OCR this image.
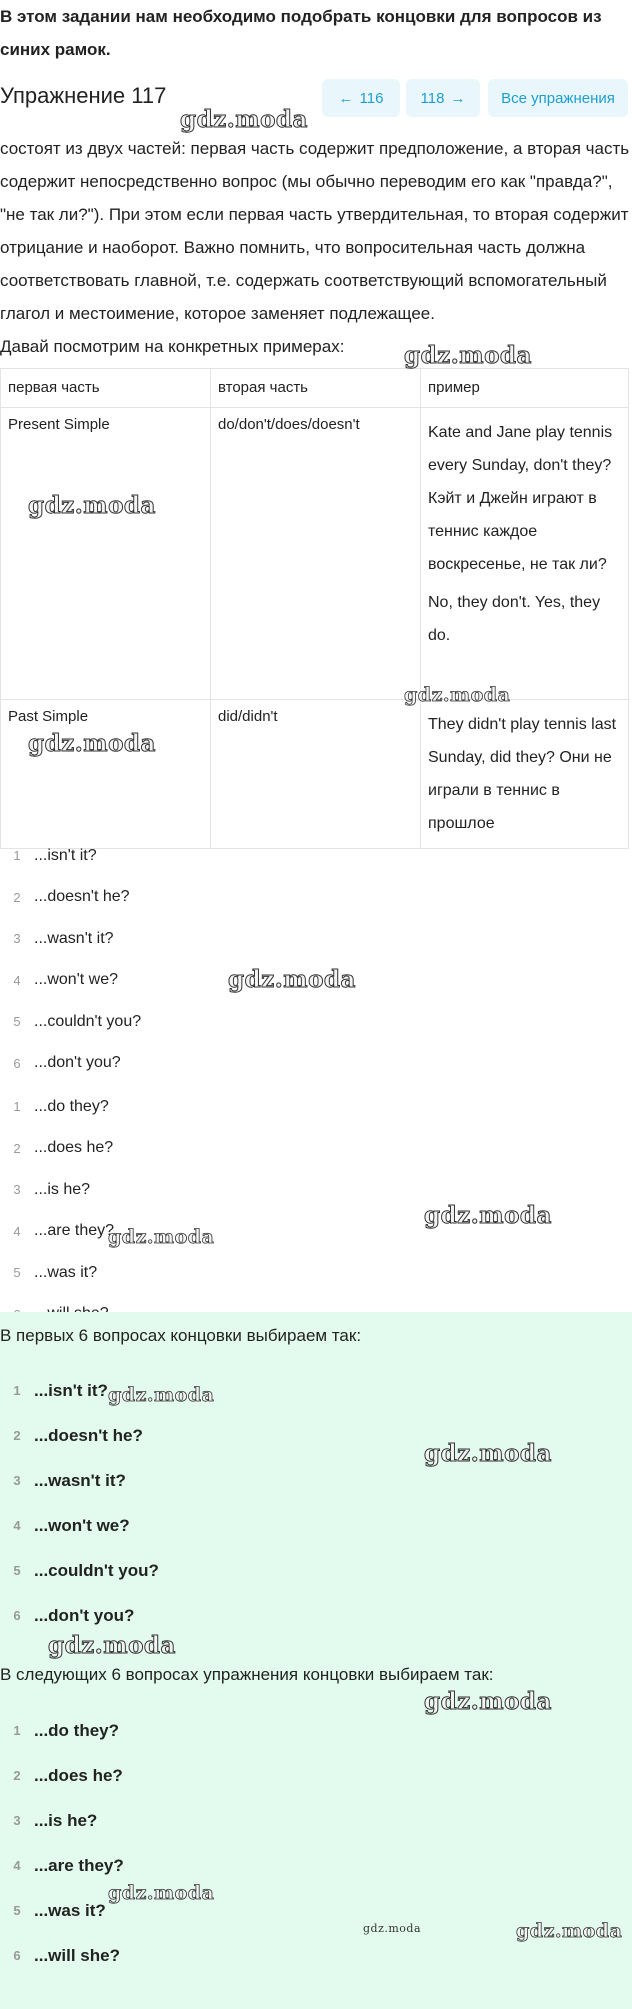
В этом задании нам необходимо подобрать концовки для вопросов из синих рамок.
Упражнение 117	← 116 118 → Все упражнения

состоят из двух частей: первая часть содержит предположение, а вторая часть содержит непосредственно вопрос (мы обычно переводим его как "правда?", "не так ли?"). При этом если первая часть утвердительная, то вторая содержит отрицание и наоборот. Важно помнить, что вопросительная часть должна соответствовать главной, т.е. содержать соответствующий вспомогательный глагол и местоимение, которое заменяет подлежащее.

Давай посмотрим на конкретных примерах:

первая часть	вторая часть	пример
Present Simple	do/don't/does/doesn't	Kate and Jane play tennis every Sunday, don't they? Кэйт и Джейн играют в теннис каждое воскресенье, не так ли?

No, they don't. Yes, they do.

Past Simple	did/didn't	They didn't play tennis last Sunday, did they? Они не играли в теннис в прошлое

1 ...isn't it?
2 ...doesn't he?
3 ...wasn't it?
4 ...won't we?
5 ...couldn't you?
6 ...don't you?
1 ...do they?
2 ...does he?
3 ...is he?
4 ...are they?
5 ...was it?
В первых 6 вопросах концовки выбираем так:
1 ...isn't it?
2 ...doesn't he?
3 ...wasn't it?
4 ...won't we?
5 ...couldn't you?
6 ...don't you?
В следующих 6 вопросах упражнения концовки выбираем так:
1 ...do they?
2 ...does he?
3 ...is he?
4 ...are they?
5 ...was it?
6 ...will she?
gdz.moda
gdz.moda
gdz.moda
gdz.moda
gdz.moda
gdz.moda
gdz.moda
gdz.moda
gdz.moda
gdz.moda
gdz.moda
gdz.moda
gdz.moda
gdz.moda	gdz.moda
